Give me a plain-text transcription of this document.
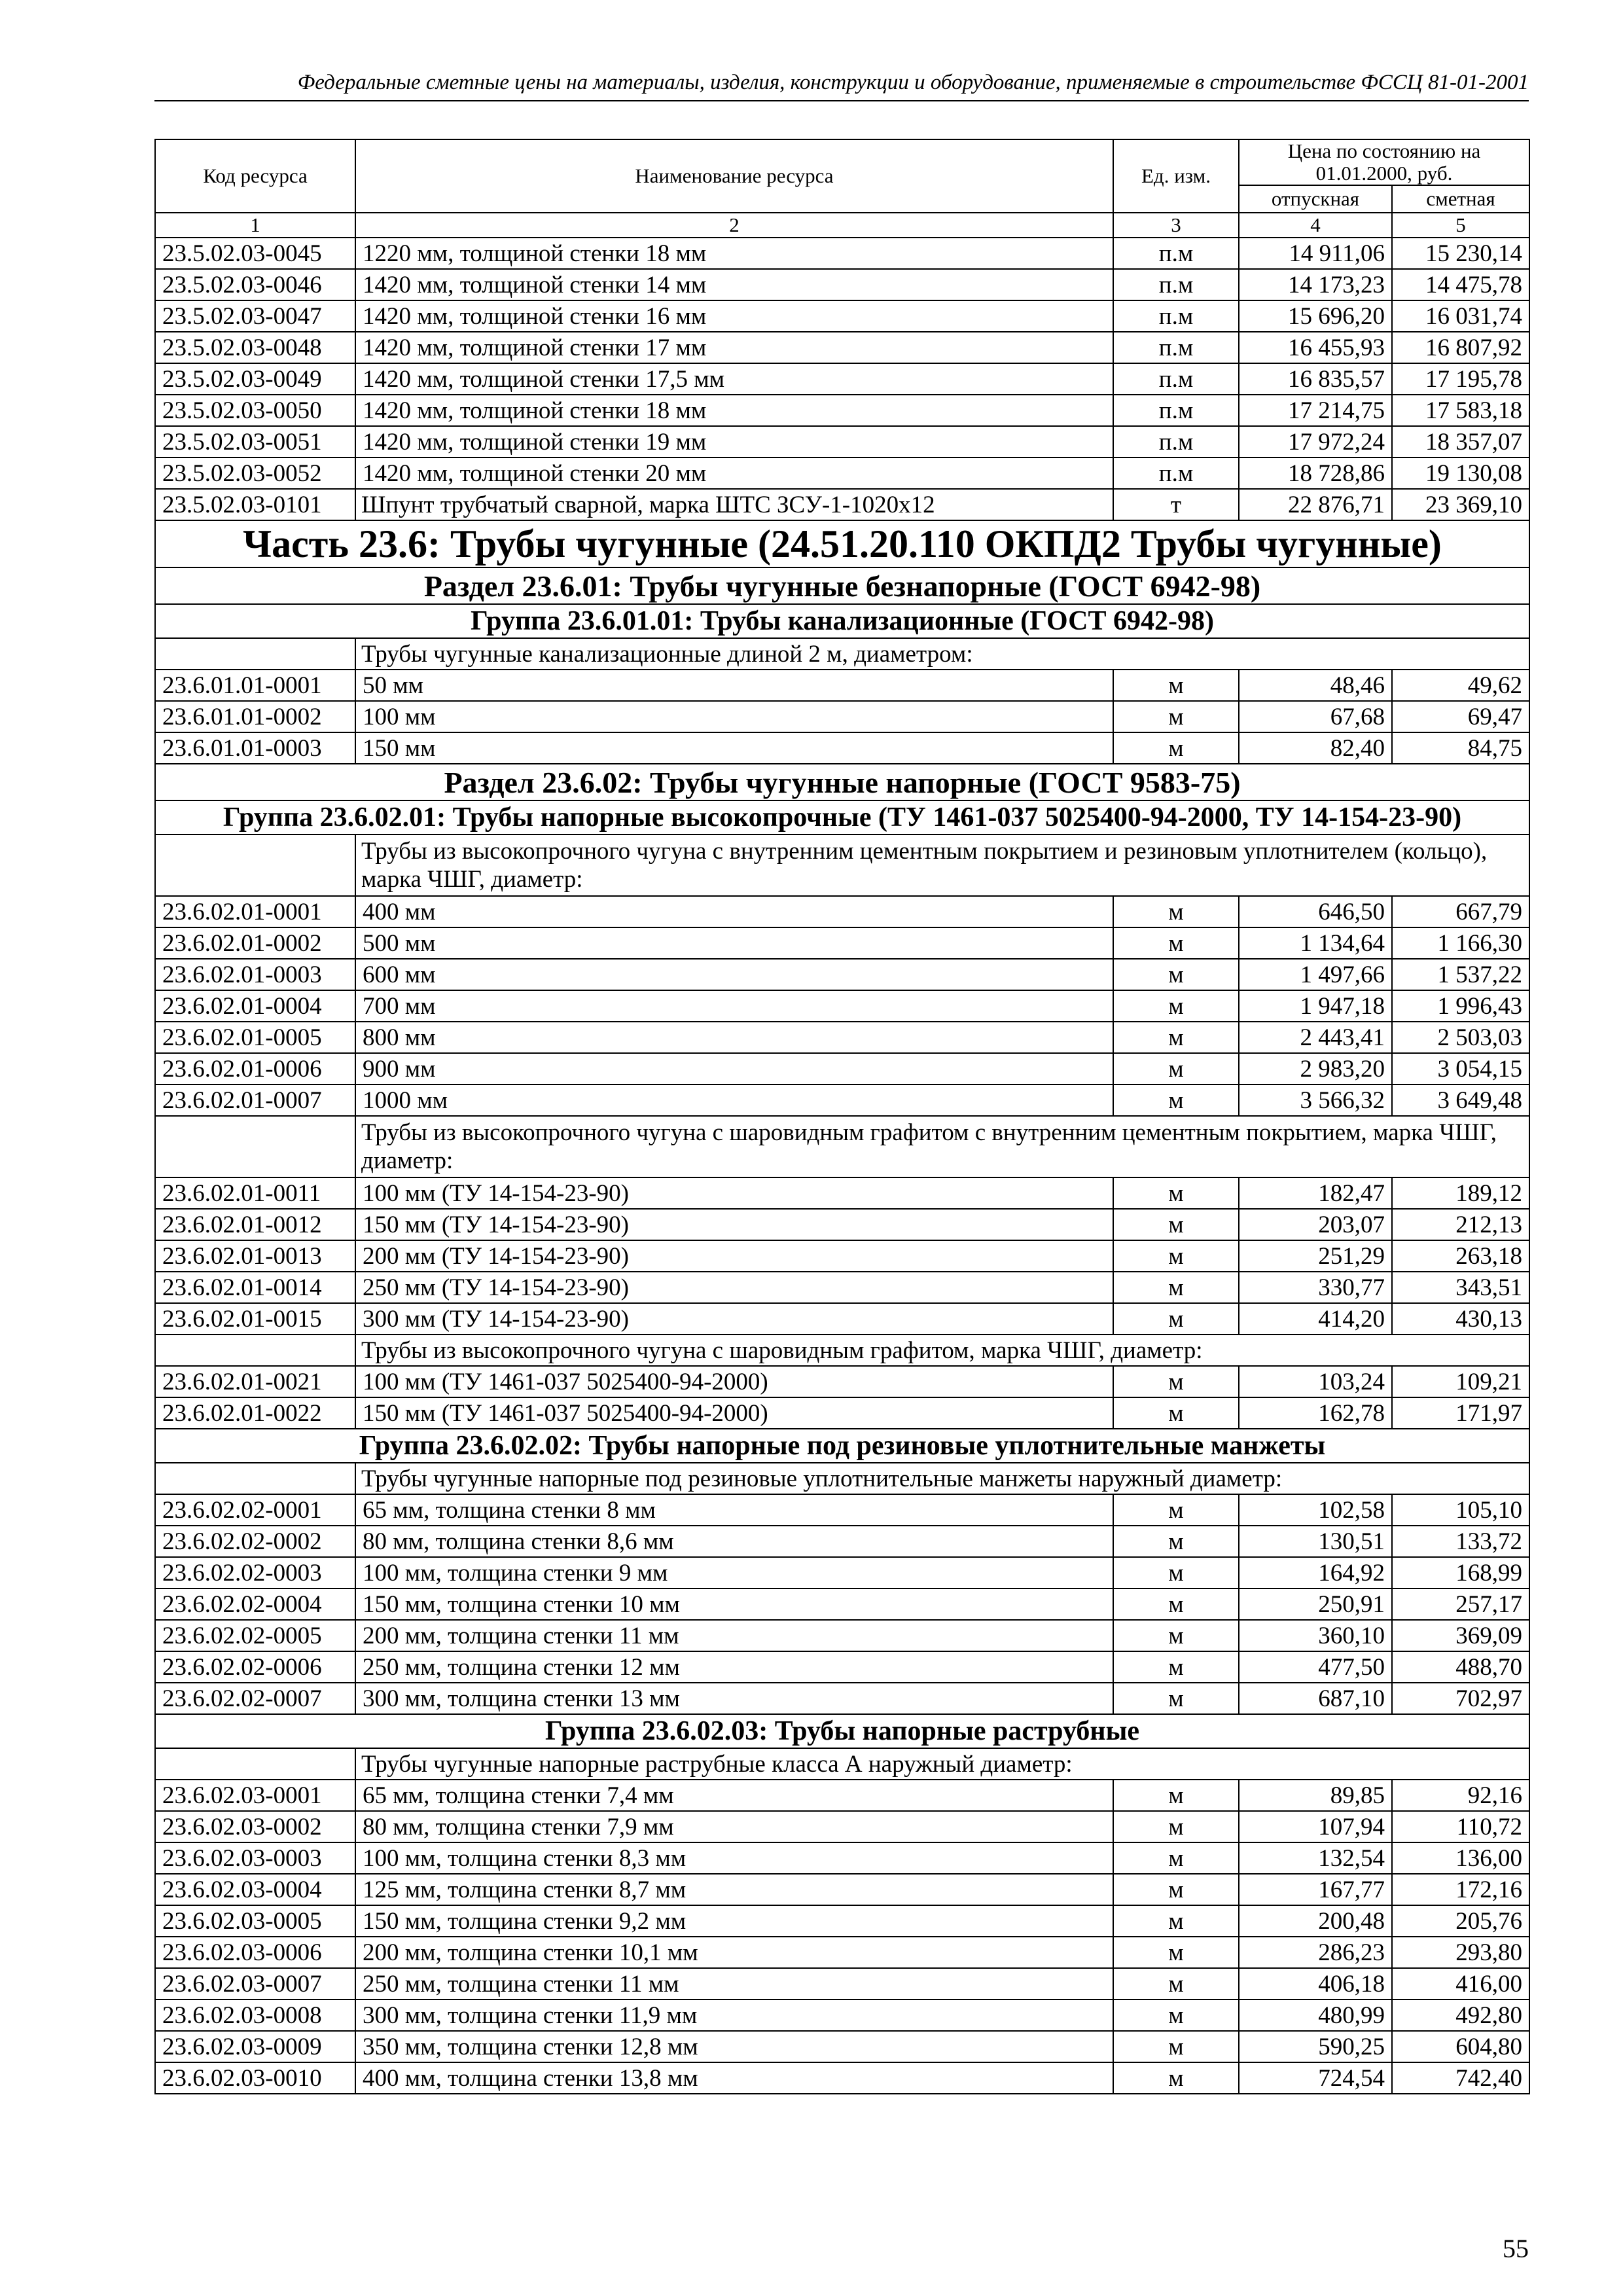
Федеральные сметные цены на материалы, изделия, конструкции и оборудование, применяемые в строительстве ФССЦ 81-01-2001
Код ресурса	Наименование ресурса	Ед. изм.	Цена по состоянию на 01.01.2000, руб.	
			отпускная	сметная
1	2	3	4	5
23.5.02.03-0045	1220 мм, толщиной стенки 18 мм	п.м	14 911,06	15 230,14
23.5.02.03-0046	1420 мм, толщиной стенки 14 мм	п.м	14 173,23	14 475,78
23.5.02.03-0047	1420 мм, толщиной стенки 16 мм	п.м	15 696,20	16 031,74
23.5.02.03-0048	1420 мм, толщиной стенки 17 мм	п.м	16 455,93	16 807,92
23.5.02.03-0049	1420 мм, толщиной стенки 17,5 мм	п.м	16 835,57	17 195,78
23.5.02.03-0050	1420 мм, толщиной стенки 18 мм	п.м	17 214,75	17 583,18
23.5.02.03-0051	1420 мм, толщиной стенки 19 мм	п.м	17 972,24	18 357,07
23.5.02.03-0052	1420 мм, толщиной стенки 20 мм	п.м	18 728,86	19 130,08
23.5.02.03-0101	Шпунт трубчатый сварной, марка ШТС ЗСУ-1-1020x12	т	22 876,71	23 369,10
Часть 23.6: Трубы чугунные (24.51.20.110 ОКПД2 Трубы чугунные)				
Раздел 23.6.01: Трубы чугунные безнапорные (ГОСТ 6942-98)				
Группа 23.6.01.01: Трубы канализационные (ГОСТ 6942-98)				
	Трубы чугунные канализационные длиной 2 м, диаметром:			
23.6.01.01-0001	50 мм	м	48,46	49,62
23.6.01.01-0002	100 мм	м	67,68	69,47
23.6.01.01-0003	150 мм	м	82,40	84,75
Раздел 23.6.02: Трубы чугунные напорные (ГОСТ 9583-75)				
Группа 23.6.02.01: Трубы напорные высокопрочные (ТУ 1461-037 5025400-94-2000, ТУ 14-154-23-90)				
	Трубы из высокопрочного чугуна с внутренним цементным покрытием и резиновым уплотнителем (кольцо), марка ЧШГ, диаметр:			
23.6.02.01-0001	400 мм	м	646,50	667,79
23.6.02.01-0002	500 мм	м	1 134,64	1 166,30
23.6.02.01-0003	600 мм	м	1 497,66	1 537,22
23.6.02.01-0004	700 мм	м	1 947,18	1 996,43
23.6.02.01-0005	800 мм	м	2 443,41	2 503,03
23.6.02.01-0006	900 мм	м	2 983,20	3 054,15
23.6.02.01-0007	1000 мм	м	3 566,32	3 649,48
	Трубы из высокопрочного чугуна с шаровидным графитом с внутренним цементным покрытием, марка ЧШГ, диаметр:			
23.6.02.01-0011	100 мм (ТУ 14-154-23-90)	м	182,47	189,12
23.6.02.01-0012	150 мм (ТУ 14-154-23-90)	м	203,07	212,13
23.6.02.01-0013	200 мм (ТУ 14-154-23-90)	м	251,29	263,18
23.6.02.01-0014	250 мм (ТУ 14-154-23-90)	м	330,77	343,51
23.6.02.01-0015	300 мм (ТУ 14-154-23-90)	м	414,20	430,13
	Трубы из высокопрочного чугуна с шаровидным графитом, марка ЧШГ, диаметр:			
23.6.02.01-0021	100 мм (ТУ 1461-037 5025400-94-2000)	м	103,24	109,21
23.6.02.01-0022	150 мм (ТУ 1461-037 5025400-94-2000)	м	162,78	171,97
Группа 23.6.02.02: Трубы напорные под резиновые уплотнительные манжеты				
	Трубы чугунные напорные под резиновые уплотнительные манжеты наружный диаметр:			
23.6.02.02-0001	65 мм, толщина стенки 8 мм	м	102,58	105,10
23.6.02.02-0002	80 мм, толщина стенки 8,6 мм	м	130,51	133,72
23.6.02.02-0003	100 мм, толщина стенки 9 мм	м	164,92	168,99
23.6.02.02-0004	150 мм, толщина стенки 10 мм	м	250,91	257,17
23.6.02.02-0005	200 мм, толщина стенки 11 мм	м	360,10	369,09
23.6.02.02-0006	250 мм, толщина стенки 12 мм	м	477,50	488,70
23.6.02.02-0007	300 мм, толщина стенки 13 мм	м	687,10	702,97
Группа 23.6.02.03: Трубы напорные раструбные				
	Трубы чугунные напорные раструбные класса А наружный диаметр:			
23.6.02.03-0001	65 мм, толщина стенки 7,4 мм	м	89,85	92,16
23.6.02.03-0002	80 мм, толщина стенки 7,9 мм	м	107,94	110,72
23.6.02.03-0003	100 мм, толщина стенки 8,3 мм	м	132,54	136,00
23.6.02.03-0004	125 мм, толщина стенки 8,7 мм	м	167,77	172,16
23.6.02.03-0005	150 мм, толщина стенки 9,2 мм	м	200,48	205,76
23.6.02.03-0006	200 мм, толщина стенки 10,1 мм	м	286,23	293,80
23.6.02.03-0007	250 мм, толщина стенки 11 мм	м	406,18	416,00
23.6.02.03-0008	300 мм, толщина стенки 11,9 мм	м	480,99	492,80
23.6.02.03-0009	350 мм, толщина стенки 12,8 мм	м	590,25	604,80
23.6.02.03-0010	400 мм, толщина стенки 13,8 мм	м	724,54	742,40
55
